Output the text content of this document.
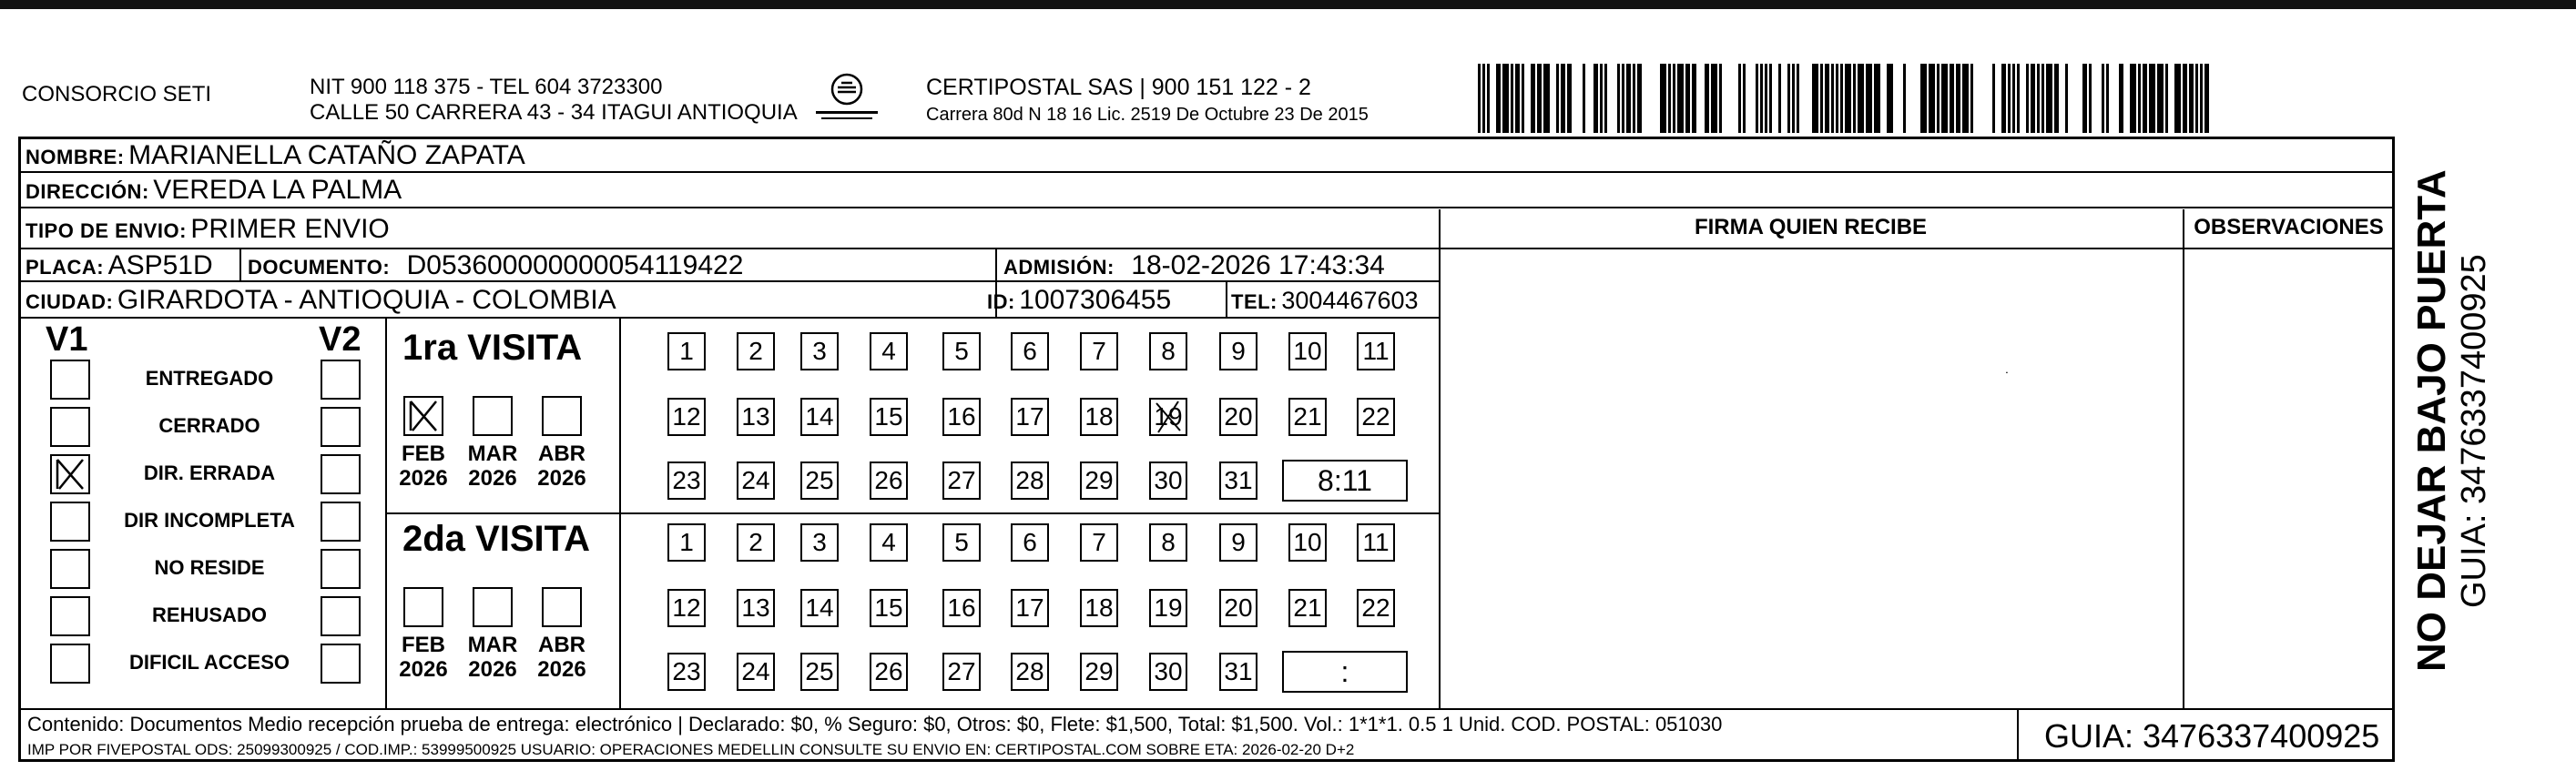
CONSORCIO SETI	NIT 900 118 375 - TEL 604 3723300
CALLE 50 CARRERA 43 - 34 ITAGUI ANTIOQUIA
CERTIPOSTAL SAS | 900 151 122 - 2
Carrera 80d N 18 16 Lic. 2519 De Octubre 23 De 2015
NOMBRE: MARIANELLA CATAÑO ZAPATA
DIRECCIÓN: VEREDA LA PALMA
TIPO DE ENVIO: PRIMER ENVIO
PLACA: ASP51D DOCUMENTO: D053600000000054119422	ADMISIÓN: 18-02-2026 17:43:34
CIUDAD: GIRARDOTA - ANTIOQUIA - COLOMBIA	ID: 1007306455	TEL: 3004467603
FIRMA QUIEN RECIBE	OBSERVACIONES
˙
V1	V2
ENTREGADO
CERRADO
DIR. ERRADA
DIR INCOMPLETA
NO RESIDE
REHUSADO
DIFICIL ACCESO
1ra VISITA
2da VISITA
FEB
2026
MAR
2026
ABR
2026
1	2	3	4	5	6	7	8	9	10 11
12 13 14 15 16 17 18 19 20 21 22
23 24 25 26 27 28 29 30 31	8:11
FEB
2026
MAR
2026
ABR
2026
1	2	3	4	5	6	7	8	9	10 11
12 13 14 15 16 17 18 19 20 21 22
23 24 25 26 27 28 29 30 31	:
Contenido: Documentos Medio recepción prueba de entrega: electrónico | Declarado: $0, % Seguro: $0, Otros: $0, Flete: $1,500, Total: $1,500. Vol.: 1*1*1. 0.5 1 Unid. COD. POSTAL: 051030
IMP POR FIVEPOSTAL ODS: 25099300925 / COD.IMP.: 53999500925 USUARIO: OPERACIONES MEDELLIN CONSULTE SU ENVIO EN: CERTIPOSTAL.COM SOBRE ETA: 2026-02-20 D+2	GUIA: 3476337400925
NO DEJAR BAJO PUERTA GUIA: 3476337400925
